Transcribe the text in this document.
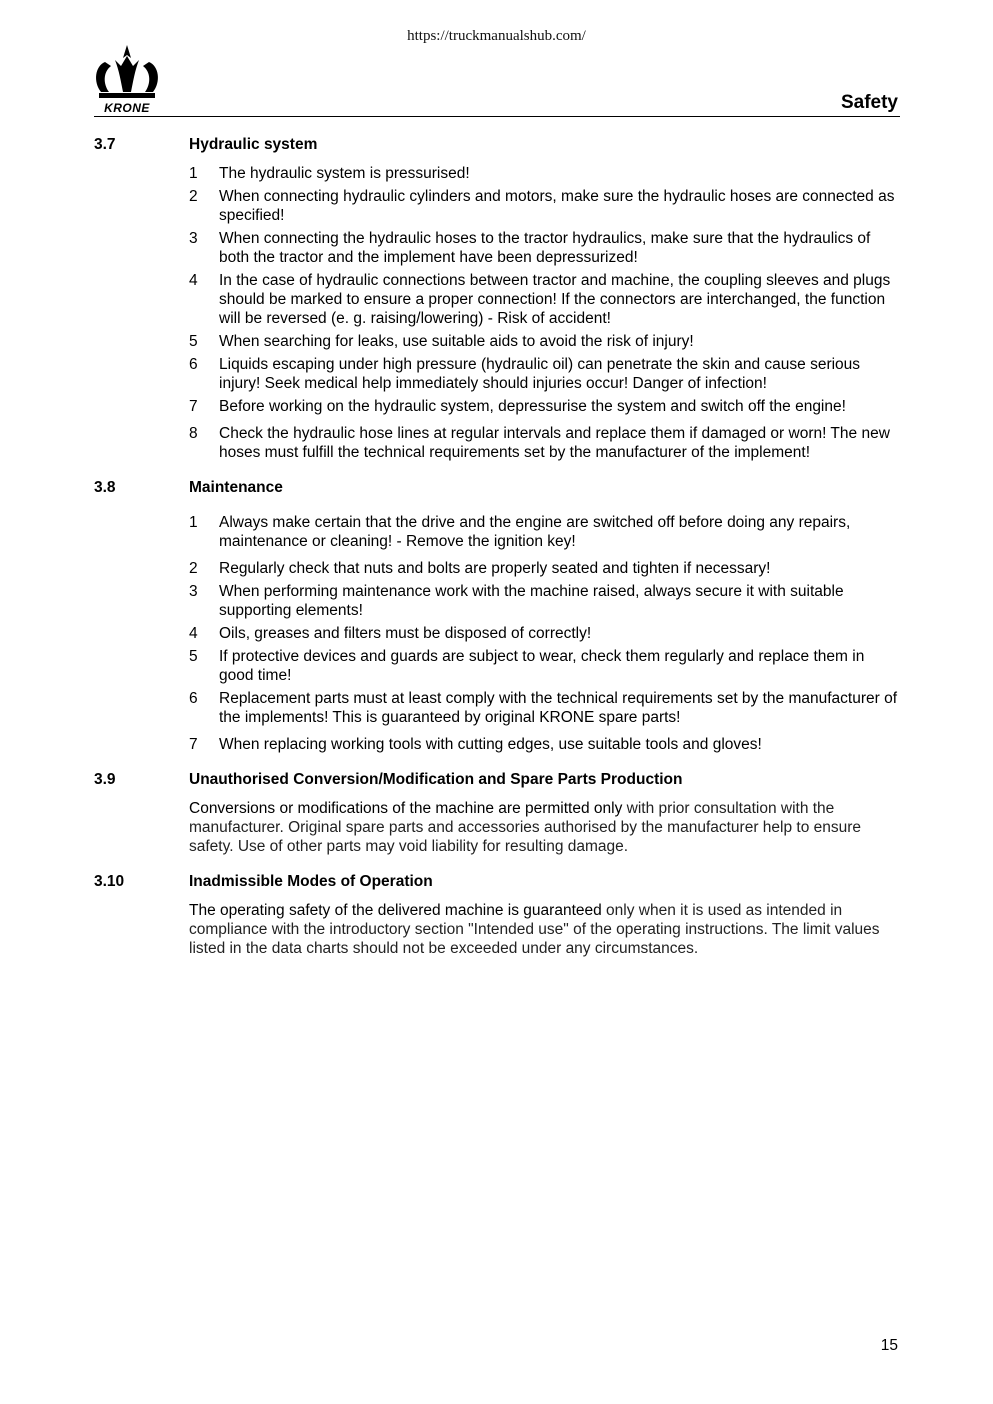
https://truckmanualshub.com/
KRONE	Safety
3.7	Hydraulic system
1	The hydraulic system is pressurised!
2	When connecting hydraulic cylinders and motors, make sure the hydraulic hoses are connected as specified!
3	When connecting the hydraulic hoses to the tractor hydraulics, make sure that the hydraulics of both the tractor and the implement have been depressurized!
4	In the case of hydraulic connections between tractor and machine, the coupling sleeves and plugs should be marked to ensure a proper connection! If the connectors are interchanged, the function will be reversed (e. g. raising/lowering) - Risk of accident!
5	When searching for leaks, use suitable aids to avoid the risk of injury!
6	Liquids escaping under high pressure (hydraulic oil) can penetrate the skin and cause serious injury! Seek medical help immediately should injuries occur! Danger of infection!
7	Before working on the hydraulic system, depressurise the system and switch off the engine!
8	Check the hydraulic hose lines at regular intervals and replace them if damaged or worn! The new hoses must fulfill the technical requirements set by the manufacturer of the implement!
3.8	Maintenance
1	Always make certain that the drive and the engine are switched off before doing any repairs, maintenance or cleaning! - Remove the ignition key!
2	Regularly check that nuts and bolts are properly seated and tighten if necessary!
3	When performing maintenance work with the machine raised, always secure it with suitable supporting elements!
4	Oils, greases and filters must be disposed of correctly!
5	If protective devices and guards are subject to wear, check them regularly and replace them in good time!
6	Replacement parts must at least comply with the technical requirements set by the manufacturer of the implements! This is guaranteed by original KRONE spare parts!
7	When replacing working tools with cutting edges, use suitable tools and gloves!
3.9	Unauthorised Conversion/Modification and Spare Parts Production

Conversions or modifications of the machine are permitted only with prior consultation with the manufacturer. Original spare parts and accessories authorised by the manufacturer help to ensure safety. Use of other parts may void liability for resulting damage.

3.10	Inadmissible Modes of Operation

The operating safety of the delivered machine is guaranteed only when it is used as intended in compliance with the introductory section "Intended use" of the operating instructions. The limit values listed in the data charts should not be exceeded under any circumstances.

15
